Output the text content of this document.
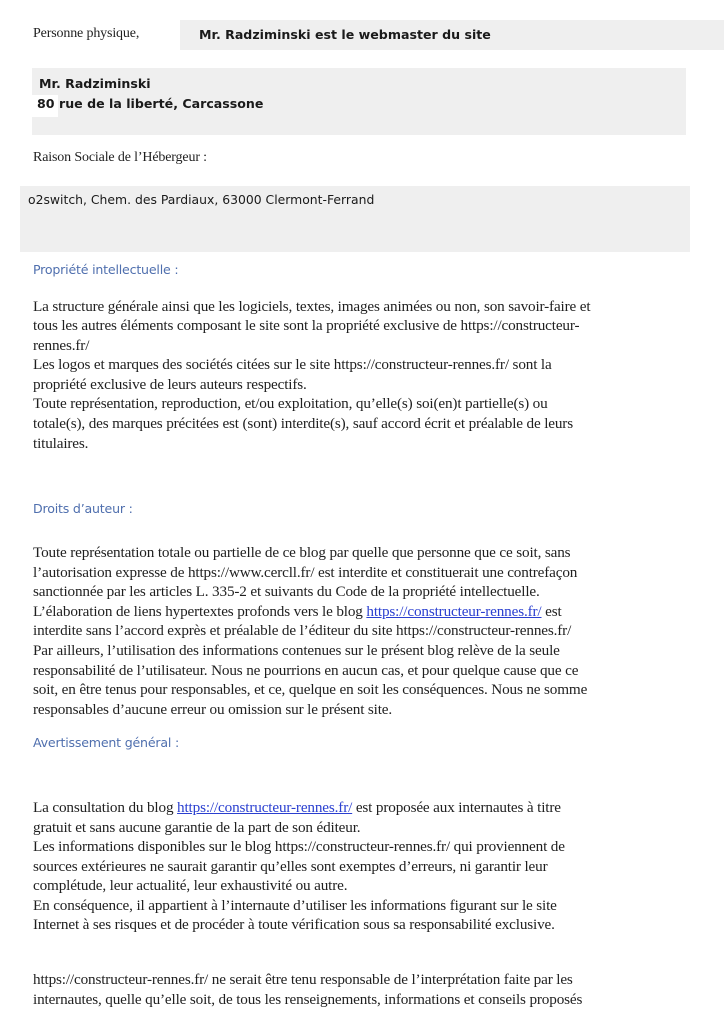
Personne physique,	Mr. Radziminski est le webmaster du site
Mr. Radziminski
80 rue de la liberté, Carcassone
Raison Sociale de l’Hébergeur :
o2switch, Chem. des Pardiaux, 63000 Clermont-Ferrand
Propriété intellectuelle :
La structure générale ainsi que les logiciels, textes, images animées ou non, son savoir-faire et
tous les autres éléments composant le site sont la propriété exclusive de https://constructeur-
rennes.fr/
Les logos et marques des sociétés citées sur le site https://constructeur-rennes.fr/ sont la
propriété exclusive de leurs auteurs respectifs.
Toute représentation, reproduction, et/ou exploitation, qu’elle(s) soi(en)t partielle(s) ou
totale(s), des marques précitées est (sont) interdite(s), sauf accord écrit et préalable de leurs
titulaires.
Droits d’auteur :
Toute représentation totale ou partielle de ce blog par quelle que personne que ce soit, sans
l’autorisation expresse de https://www.cercll.fr/ est interdite et constituerait une contrefaçon
sanctionnée par les articles L. 335-2 et suivants du Code de la propriété intellectuelle.
L’élaboration de liens hypertextes profonds vers le blog https://constructeur-rennes.fr/ est
interdite sans l’accord exprès et préalable de l’éditeur du site https://constructeur-rennes.fr/
Par ailleurs, l’utilisation des informations contenues sur le présent blog relève de la seule
responsabilité de l’utilisateur. Nous ne pourrions en aucun cas, et pour quelque cause que ce
soit, en être tenus pour responsables, et ce, quelque en soit les conséquences. Nous ne somme
responsables d’aucune erreur ou omission sur le présent site.
Avertissement général :
La consultation du blog https://constructeur-rennes.fr/ est proposée aux internautes à titre
gratuit et sans aucune garantie de la part de son éditeur.
Les informations disponibles sur le blog https://constructeur-rennes.fr/ qui proviennent de
sources extérieures ne saurait garantir qu’elles sont exemptes d’erreurs, ni garantir leur
complétude, leur actualité, leur exhaustivité ou autre.
En conséquence, il appartient à l’internaute d’utiliser les informations figurant sur le site
Internet à ses risques et de procéder à toute vérification sous sa responsabilité exclusive.
https://constructeur-rennes.fr/ ne serait être tenu responsable de l’interprétation faite par les
internautes, quelle qu’elle soit, de tous les renseignements, informations et conseils proposés
